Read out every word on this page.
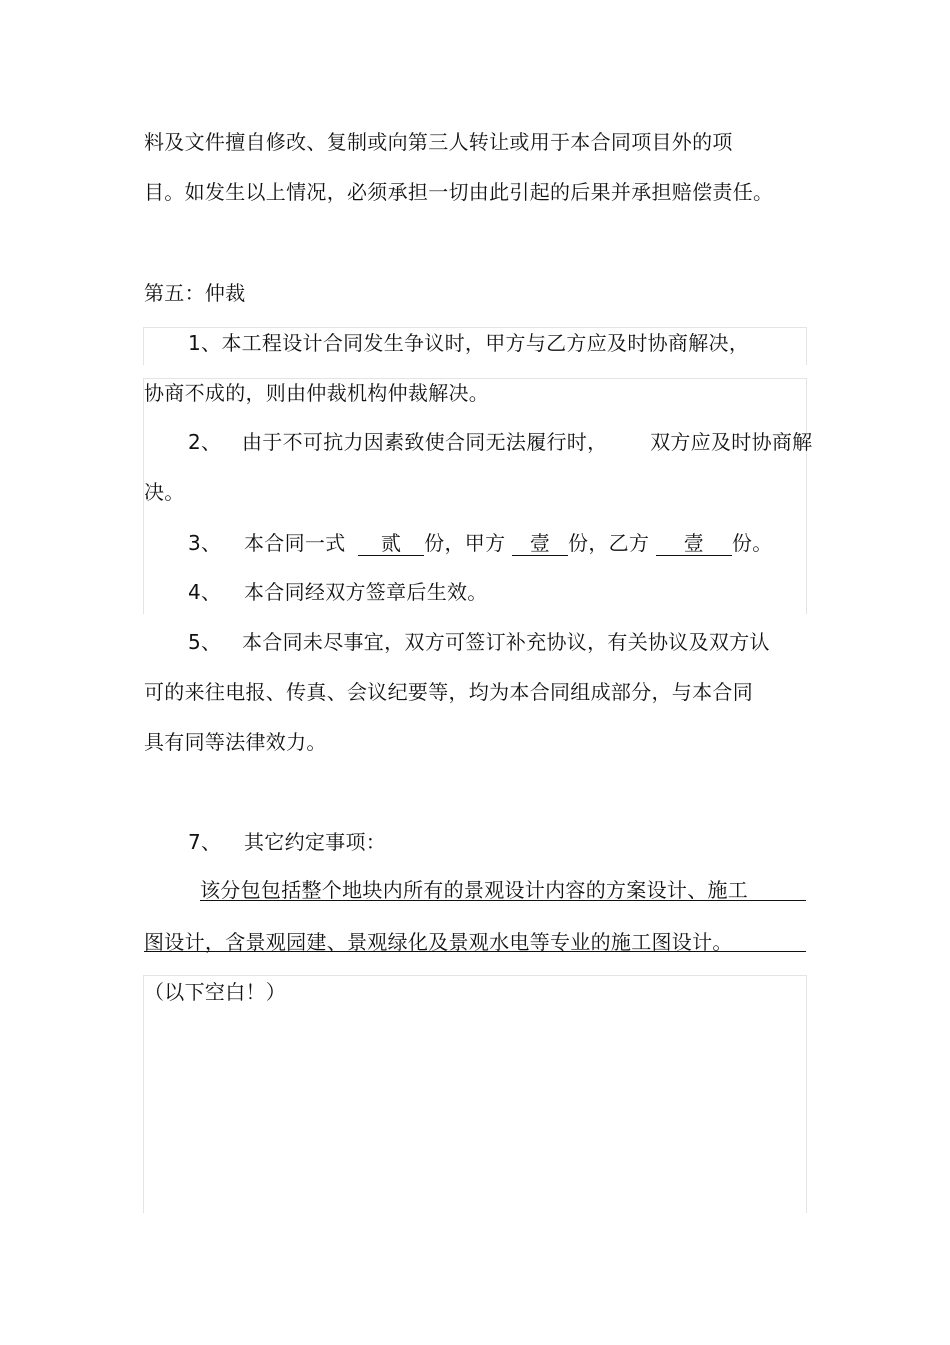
料及文件擅自修改、复制或向第三人转让或用于本合同项目外的项
目。如发生以上情况，必须承担一切由此引起的后果并承担赔偿责任。
第五：仲裁
1、本工程设计合同发生争议时，甲方与乙方应及时协商解决，
协商不成的，则由仲裁机构仲裁解决。
2、 由于不可抗力因素致使合同无法履行时， 双方应及时协商解
决。
3、 本合同一式 贰 份，甲方 壹 份，乙方 壹 份。
4、 本合同经双方签章后生效。
5、 本合同未尽事宜，双方可签订补充协议，有关协议及双方认
可的来往电报、传真、会议纪要等，均为本合同组成部分，与本合同
具有同等法律效力。
7、 其它约定事项：
该分包包括整个地块内所有的景观设计内容的方案设计、施工
图设计，含景观园建、景观绿化及景观水电等专业的施工图设计。
（以下空白！）
